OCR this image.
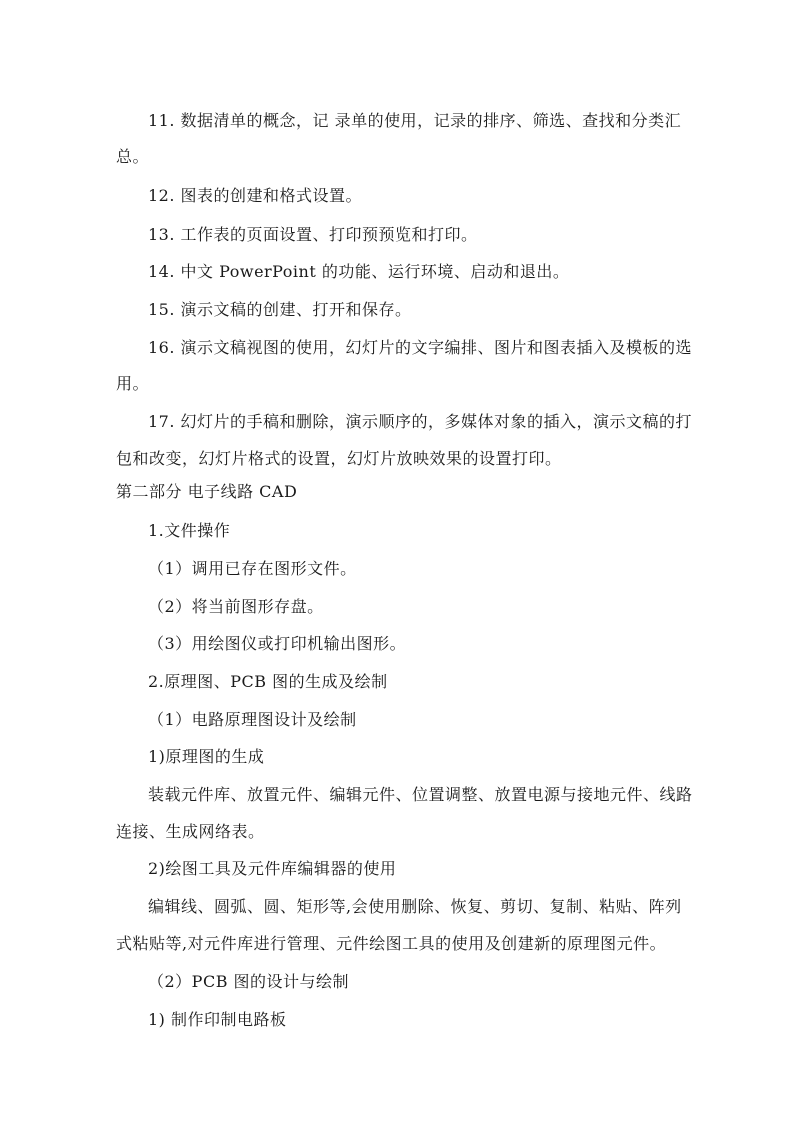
11. 数据清单的概念，记 录单的使用，记录的排序、筛选、查找和分类汇
总。
12. 图表的创建和格式设置。
13. 工作表的页面设置、打印预预览和打印。
14. 中文 PowerPoint 的功能、运行环境、启动和退出。
15. 演示文稿的创建、打开和保存。
16. 演示文稿视图的使用，幻灯片的文字编排、图片和图表插入及模板的选
用。
17. 幻灯片的手稿和删除，演示顺序的，多媒体对象的插入，演示文稿的打
包和改变，幻灯片格式的设置，幻灯片放映效果的设置打印。
第二部分 电子线路 CAD
1.文件操作
（1）调用已存在图形文件。
（2）将当前图形存盘。
（3）用绘图仪或打印机输出图形。
2.原理图、PCB 图的生成及绘制
（1）电路原理图设计及绘制
1)原理图的生成
装载元件库、放置元件、编辑元件、位置调整、放置电源与接地元件、线路
连接、生成网络表。
2)绘图工具及元件库编辑器的使用
编辑线、圆弧、圆、矩形等,会使用删除、恢复、剪切、复制、粘贴、阵列
式粘贴等,对元件库进行管理、元件绘图工具的使用及创建新的原理图元件。
（2）PCB 图的设计与绘制
1) 制作印制电路板
